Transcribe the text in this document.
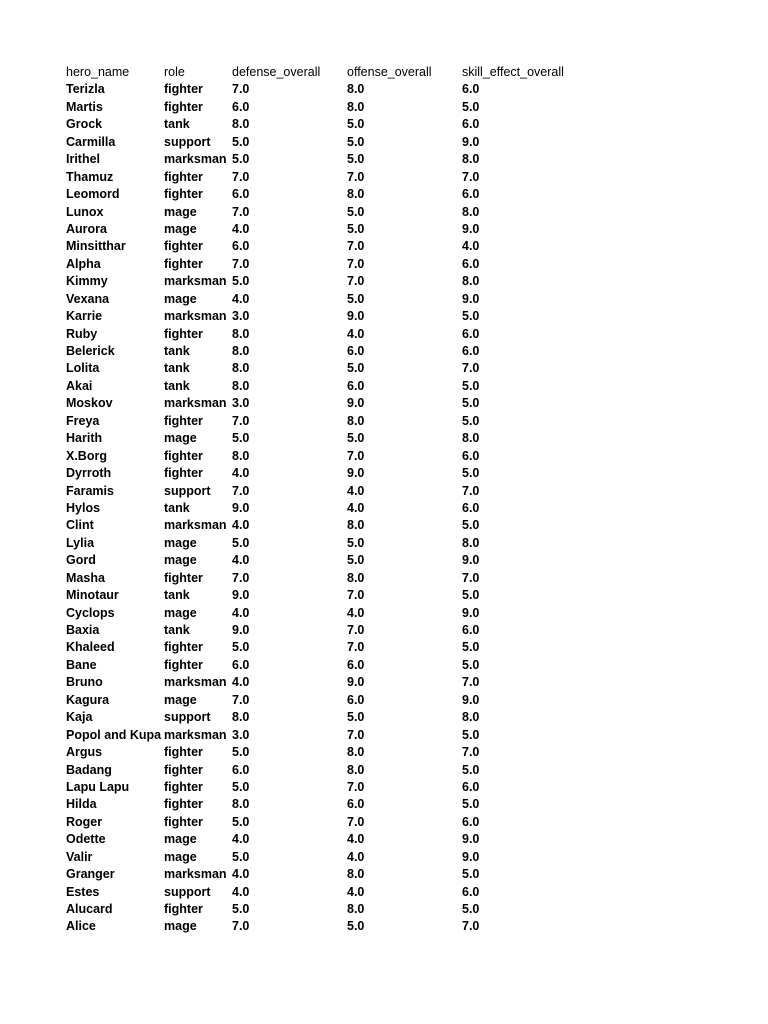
hero_name	role	defense_overall offense_overall skill_effect_overall
Terizla	fighter 7.0	8.0	6.0
Martis	fighter 6.0	8.0	5.0
Grock	tank	8.0	5.0	6.0
Carmilla	support 5.0	5.0	9.0
Irithel	marksman 5.0	5.0	8.0
Thamuz	fighter 7.0	7.0	7.0
Leomord	fighter 6.0	8.0	6.0
Lunox	mage	7.0	5.0	8.0
Aurora	mage	4.0	5.0	9.0
Minsitthar	fighter 6.0	7.0	4.0
Alpha	fighter 7.0	7.0	6.0
Kimmy	marksman 5.0	7.0	8.0
Vexana	mage	4.0	5.0	9.0
Karrie	marksman 3.0	9.0	5.0
Ruby	fighter 8.0	4.0	6.0
Belerick	tank	8.0	6.0	6.0
Lolita	tank	8.0	5.0	7.0
Akai	tank	8.0	6.0	5.0
Moskov	marksman 3.0	9.0	5.0
Freya	fighter 7.0	8.0	5.0
Harith	mage	5.0	5.0	8.0
X.Borg	fighter 8.0	7.0	6.0
Dyrroth	fighter 4.0	9.0	5.0
Faramis	support 7.0	4.0	7.0
Hylos	tank	9.0	4.0	6.0
Clint	marksman 4.0	8.0	5.0
Lylia	mage	5.0	5.0	8.0
Gord	mage	4.0	5.0	9.0
Masha	fighter 7.0	8.0	7.0
Minotaur	tank	9.0	7.0	5.0
Cyclops	mage	4.0	4.0	9.0
Baxia	tank	9.0	7.0	6.0
Khaleed	fighter 5.0	7.0	5.0
Bane	fighter 6.0	6.0	5.0
Bruno	marksman 4.0	9.0	7.0
Kagura	mage	7.0	6.0	9.0
Kaja	support 8.0	5.0	8.0
Popol and Kupa marksman 3.0	7.0	5.0
Argus	fighter 5.0	8.0	7.0
Badang	fighter 6.0	8.0	5.0
Lapu Lapu	fighter 5.0	7.0	6.0
Hilda	fighter 8.0	6.0	5.0
Roger	fighter 5.0	7.0	6.0
Odette	mage	4.0	4.0	9.0
Valir	mage	5.0	4.0	9.0
Granger	marksman 4.0	8.0	5.0
Estes	support 4.0	4.0	6.0
Alucard	fighter 5.0	8.0	5.0
Alice	mage	7.0	5.0	7.0
